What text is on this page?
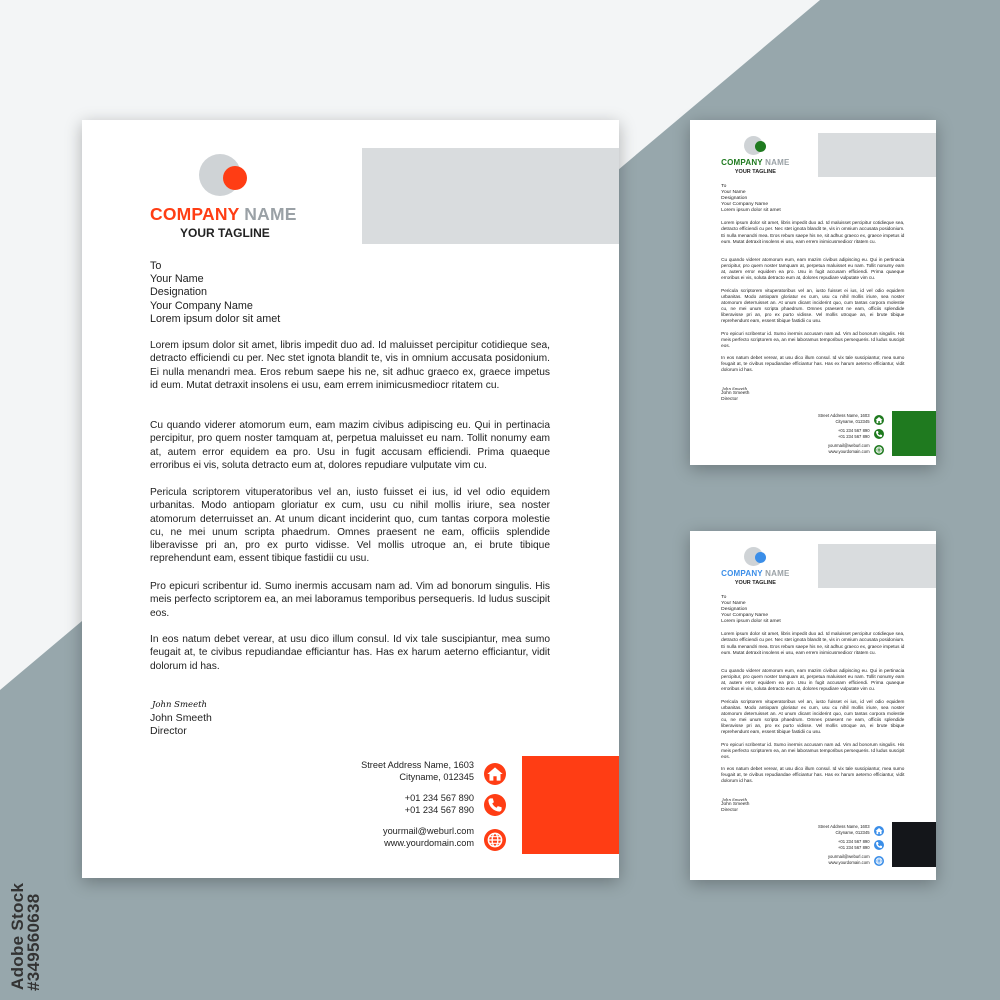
Adobe Stock
#349560638
COMPANY NAME
YOUR TAGLINE
To
Your Name
Designation
Your Company Name
Lorem ipsum dolor sit amet

Lorem ipsum dolor sit amet, libris impedit duo ad. Id maluisset percipitur cotidieque sea, detracto efficiendi cu per. Nec stet ignota blandit te, vis in omnium accusata posidonium. Ei nulla menandri mea. Eros rebum saepe his ne, sit adhuc graeco ex, graece impetus id eum. Mutat detraxit insolens ei usu, eam errem inimicusmediocr ritatem cu.

Cu quando viderer atomorum eum, eam mazim civibus adipiscing eu. Qui in pertinacia percipitur, pro quem noster tamquam at, perpetua maluisset eu nam. Tollit nonumy eam at, autem error equidem ea pro. Usu in fugit accusam efficiendi. Prima quaeque erroribus ei vis, soluta detracto eum at, dolores repudiare vulputate vim cu.

Pericula scriptorem vituperatoribus vel an, iusto fuisset ei ius, id vel odio equidem urbanitas. Modo antiopam gloriatur ex cum, usu cu nihil mollis iriure, sea noster atomorum deterruisset an. At unum dicant inciderint quo, cum tantas corpora molestie cu, ne mei unum scripta phaedrum. Omnes praesent ne eam, officiis splendide liberavisse pri an, pro ex purto vidisse. Vel mollis utroque an, ei brute tibique reprehendunt eam, essent tibique fastidii cu usu.

Pro epicuri scribentur id. Sumo inermis accusam nam ad. Vim ad bonorum singulis. His meis perfecto scriptorem ea, an mei laboramus temporibus persequeris. Id ludus suscipit eos.

In eos natum debet verear, at usu dico illum consul. Id vix tale suscipiantur, mea sumo feugait at, te civibus repudiandae efficiantur has. Has ex harum aeterno efficiantur, vidit dolorum id has.

John Smeeth
John Smeeth
Director
Street Address Name, 1603
Cityname, 012345
+01 234 567 890
+01 234 567 890
yourmail@weburl.com
www.yourdomain.com
COMPANY NAME
YOUR TAGLINE
To
Your Name
Designation
Your Company Name
Lorem ipsum dolor sit amet

Lorem ipsum dolor sit amet, libris impedit duo ad. Id maluisset percipitur cotidieque sea, detracto efficiendi cu per. Nec stet ignota blandit te, vis in omnium accusata posidonium. Ei nulla menandri mea. Eros rebum saepe his ne, sit adhuc graeco ex, graece impetus id eum. Mutat detraxit insolens ei usu, eam errem inimicusmediocr ritatem cu.

Cu quando viderer atomorum eum, eam mazim civibus adipiscing eu. Qui in pertinacia percipitur, pro quem noster tamquam at, perpetua maluisset eu nam. Tollit nonumy eam at, autem error equidem ea pro. Usu in fugit accusam efficiendi. Prima quaeque erroribus ei vis, soluta detracto eum at, dolores repudiare vulputate vim cu.

Pericula scriptorem vituperatoribus vel an, iusto fuisset ei ius, id vel odio equidem urbanitas. Modo antiopam gloriatur ex cum, usu cu nihil mollis iriure, sea noster atomorum deterruisset an. At unum dicant inciderint quo, cum tantas corpora molestie cu, ne mei unum scripta phaedrum. Omnes praesent ne eam, officiis splendide liberavisse pri an, pro ex purto vidisse. Vel mollis utroque an, ei brute tibique reprehendunt eam, essent tibique fastidii cu usu.

Pro epicuri scribentur id. Sumo inermis accusam nam ad. Vim ad bonorum singulis. His meis perfecto scriptorem ea, an mei laboramus temporibus persequeris. Id ludus suscipit eos.

In eos natum debet verear, at usu dico illum consul. Id vix tale suscipiantur, mea sumo feugait at, te civibus repudiandae efficiantur has. Has ex harum aeterno efficiantur, vidit dolorum id has.

John Smeeth
John Smeeth
Director
Street Address Name, 1603
Cityname, 012345
+01 234 567 890
+01 234 567 890
yourmail@weburl.com
www.yourdomain.com
COMPANY NAME
YOUR TAGLINE
To
Your Name
Designation
Your Company Name
Lorem ipsum dolor sit amet

Lorem ipsum dolor sit amet, libris impedit duo ad. Id maluisset percipitur cotidieque sea, detracto efficiendi cu per. Nec stet ignota blandit te, vis in omnium accusata posidonium. Ei nulla menandri mea. Eros rebum saepe his ne, sit adhuc graeco ex, graece impetus id eum. Mutat detraxit insolens ei usu, eam errem inimicusmediocr ritatem cu.

Cu quando viderer atomorum eum, eam mazim civibus adipiscing eu. Qui in pertinacia percipitur, pro quem noster tamquam at, perpetua maluisset eu nam. Tollit nonumy eam at, autem error equidem ea pro. Usu in fugit accusam efficiendi. Prima quaeque erroribus ei vis, soluta detracto eum at, dolores repudiare vulputate vim cu.

Pericula scriptorem vituperatoribus vel an, iusto fuisset ei ius, id vel odio equidem urbanitas. Modo antiopam gloriatur ex cum, usu cu nihil mollis iriure, sea noster atomorum deterruisset an. At unum dicant inciderint quo, cum tantas corpora molestie cu, ne mei unum scripta phaedrum. Omnes praesent ne eam, officiis splendide liberavisse pri an, pro ex purto vidisse. Vel mollis utroque an, ei brute tibique reprehendunt eam, essent tibique fastidii cu usu.

Pro epicuri scribentur id. Sumo inermis accusam nam ad. Vim ad bonorum singulis. His meis perfecto scriptorem ea, an mei laboramus temporibus persequeris. Id ludus suscipit eos.

In eos natum debet verear, at usu dico illum consul. Id vix tale suscipiantur, mea sumo feugait at, te civibus repudiandae efficiantur has. Has ex harum aeterno efficiantur, vidit dolorum id has.

John Smeeth
John Smeeth
Director
Street Address Name, 1603
Cityname, 012345
+01 234 567 890
+01 234 567 890
yourmail@weburl.com
www.yourdomain.com
